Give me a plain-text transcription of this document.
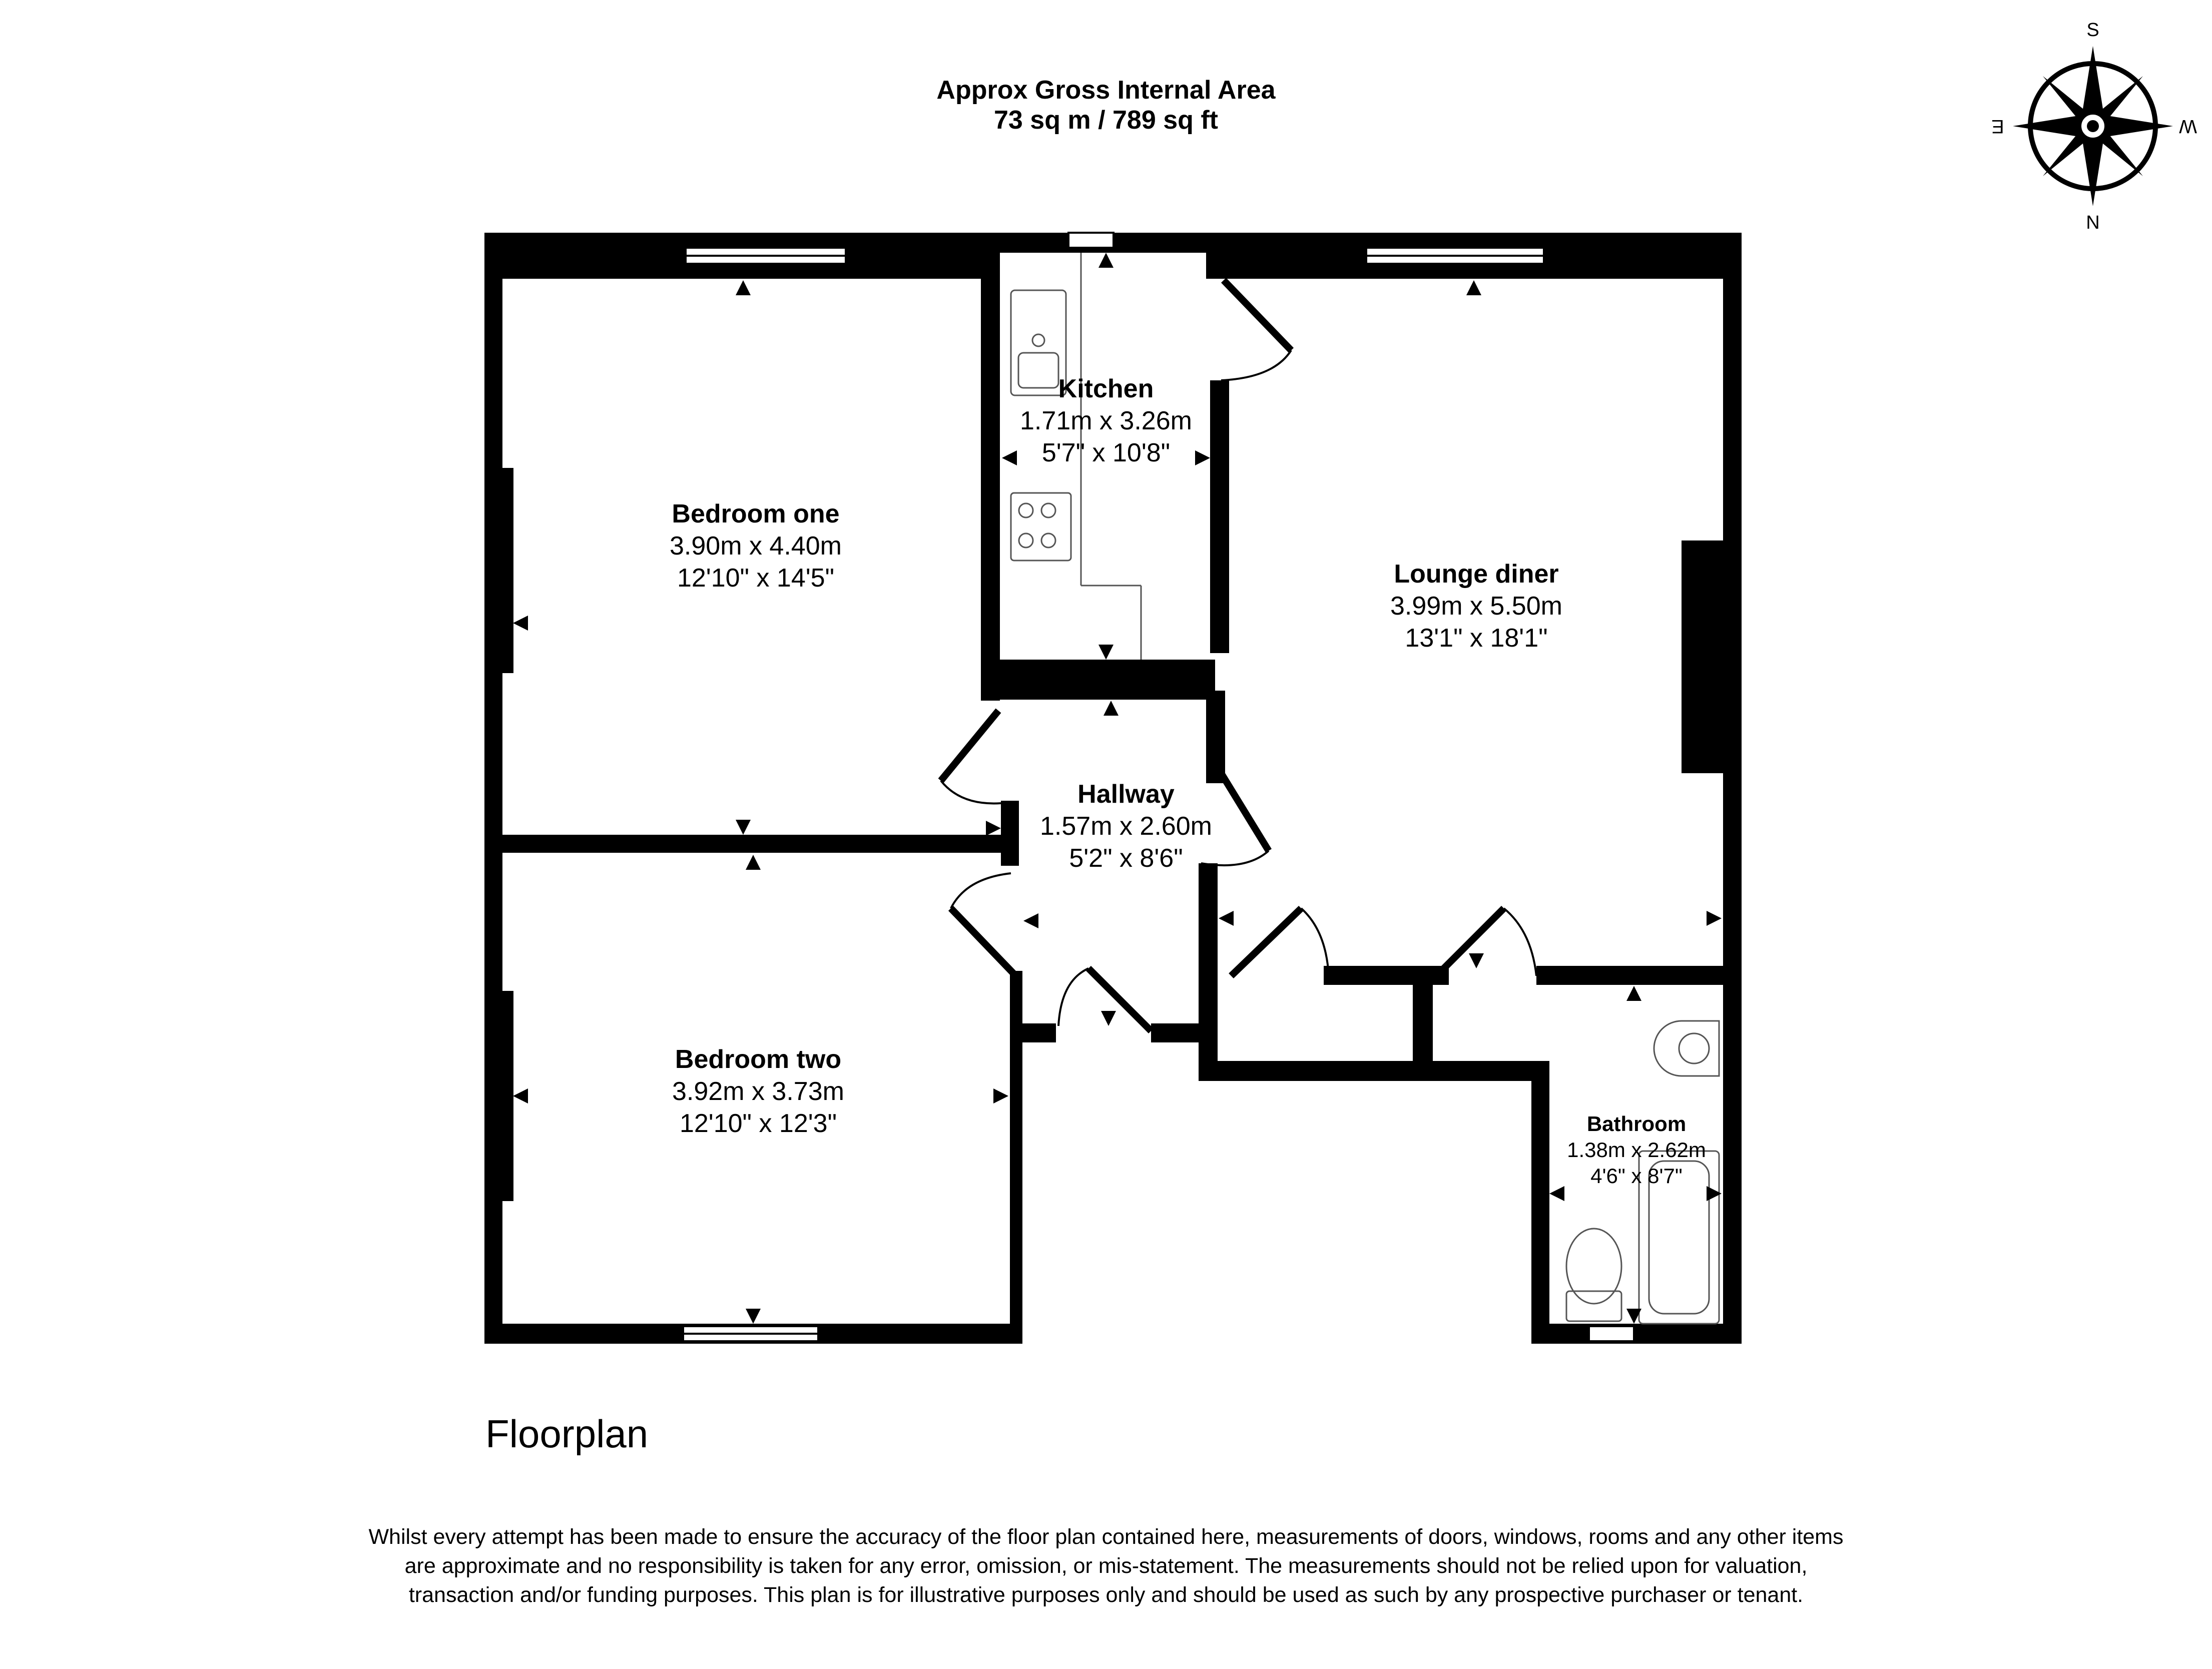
Approx Gross Internal Area
73 sq m / 789 sq ft
S
N
E	W
Kitchen
1.71m x 3.26m
5'7" x 10'8"
Bedroom one
3.90m x 4.40m
12'10" x 14'5"	Lounge diner
3.99m x 5.50m
13'1" x 18'1"
Hallway
1.57m x 2.60m
5'2" x 8'6"
Bedroom two
3.92m x 3.73m
12'10" x 12'3"	Bathroom
1.38m x 2.62m
4'6" x 8'7"
Floorplan
Whilst every attempt has been made to ensure the accuracy of the floor plan contained here, measurements of doors, windows, rooms and any other items are approximate and no responsibility is taken for any error, omission, or mis-statement. The measurements should not be relied upon for valuation, transaction and/or funding purposes. This plan is for illustrative purposes only and should be used as such by any prospective purchaser or tenant.
